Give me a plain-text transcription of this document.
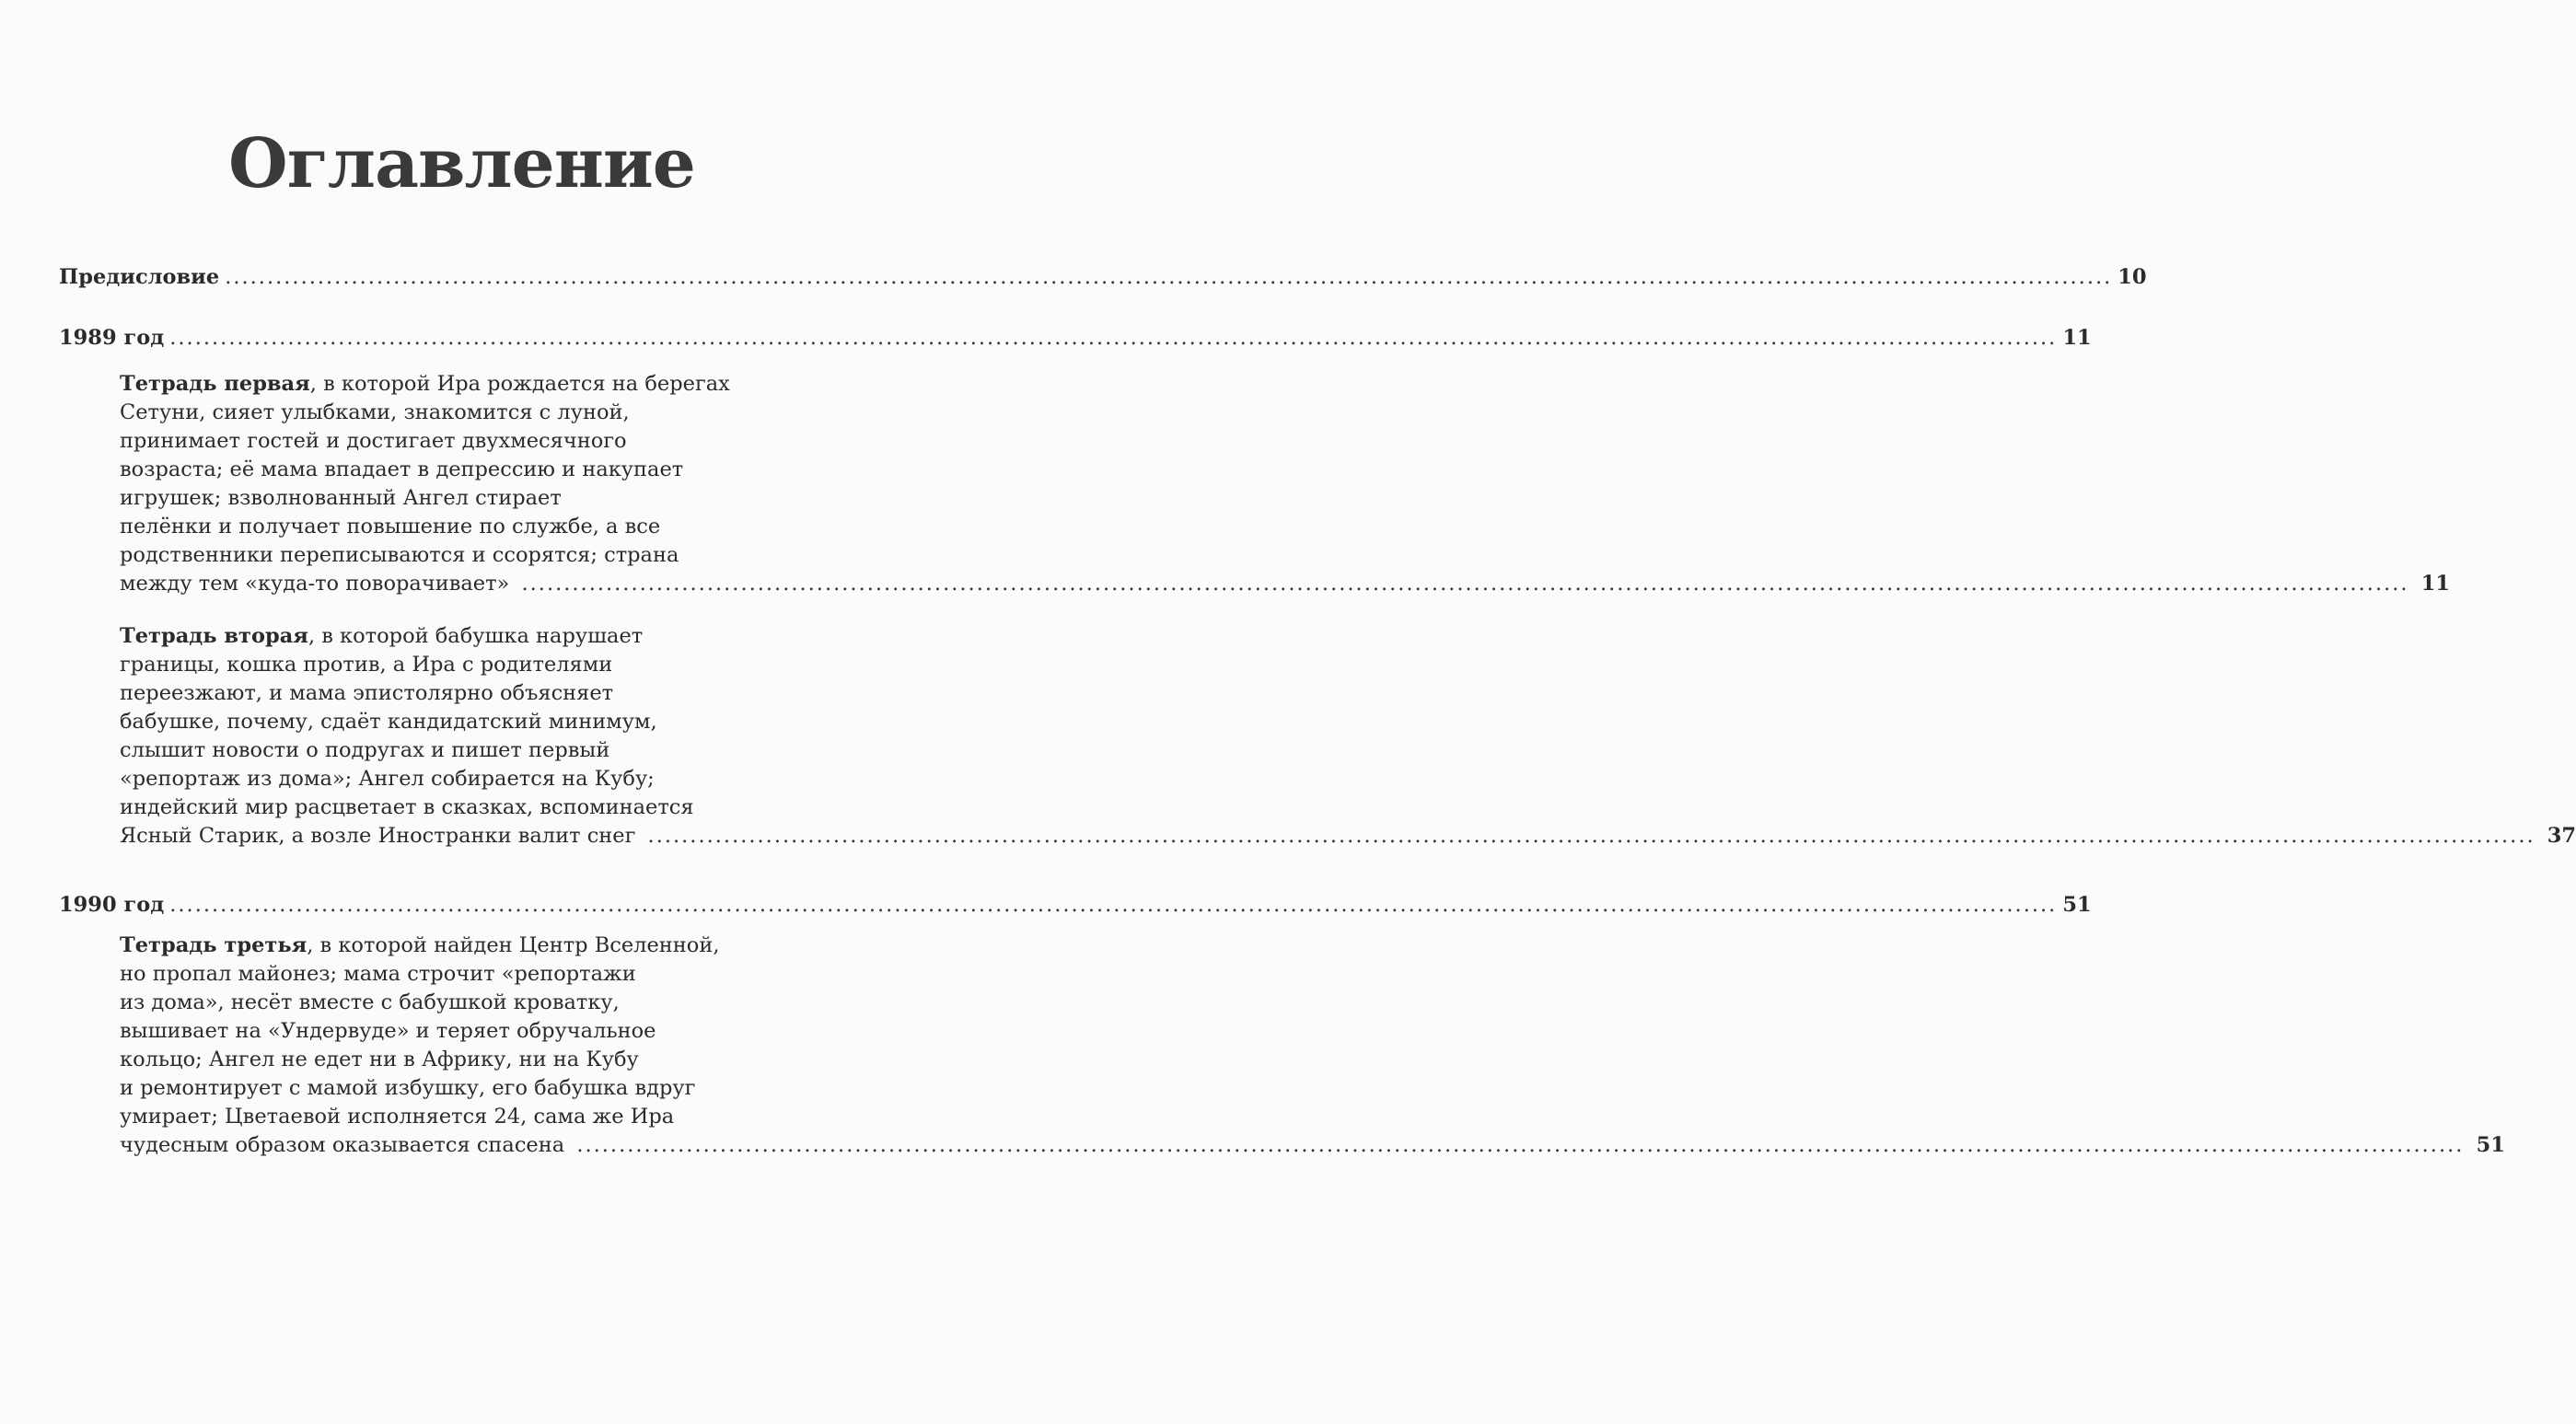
Оглавление
Предисловие .....	10
1989 год .....	11
Тетрадь первая, в которой Ира рождается на берегах
Сетуни, сияет улыбками, знакомится с луной,
принимает гостей и достигает двухмесячного
возраста; её мама впадает в депрессию и накупает
игрушек; взволнованный Ангел стирает
пелёнки и получает повышение по службе, а все
родственники переписываются и ссорятся; страна
между тем «куда-то поворачивает» .....	11
Тетрадь вторая, в которой бабушка нарушает
границы, кошка против, а Ира с родителями
переезжают, и мама эпистолярно объясняет
бабушке, почему, сдаёт кандидатский минимум,
слышит новости о подругах и пишет первый
«репортаж из дома»; Ангел собирается на Кубу;
индейский мир расцветает в сказках, вспоминается
Ясный Старик, а возле Иностранки валит снег .....	37
1990 год .....	51
Тетрадь третья, в которой найден Центр Вселенной,
но пропал майонез; мама строчит «репортажи
из дома», несёт вместе с бабушкой кроватку,
вышивает на «Ундервуде» и теряет обручальное
кольцо; Ангел не едет ни в Африку, ни на Кубу
и ремонтирует с мамой избушку, его бабушка вдруг
умирает; Цветаевой исполняется 24, сама же Ира
чудесным образом оказывается спасена .....	51
